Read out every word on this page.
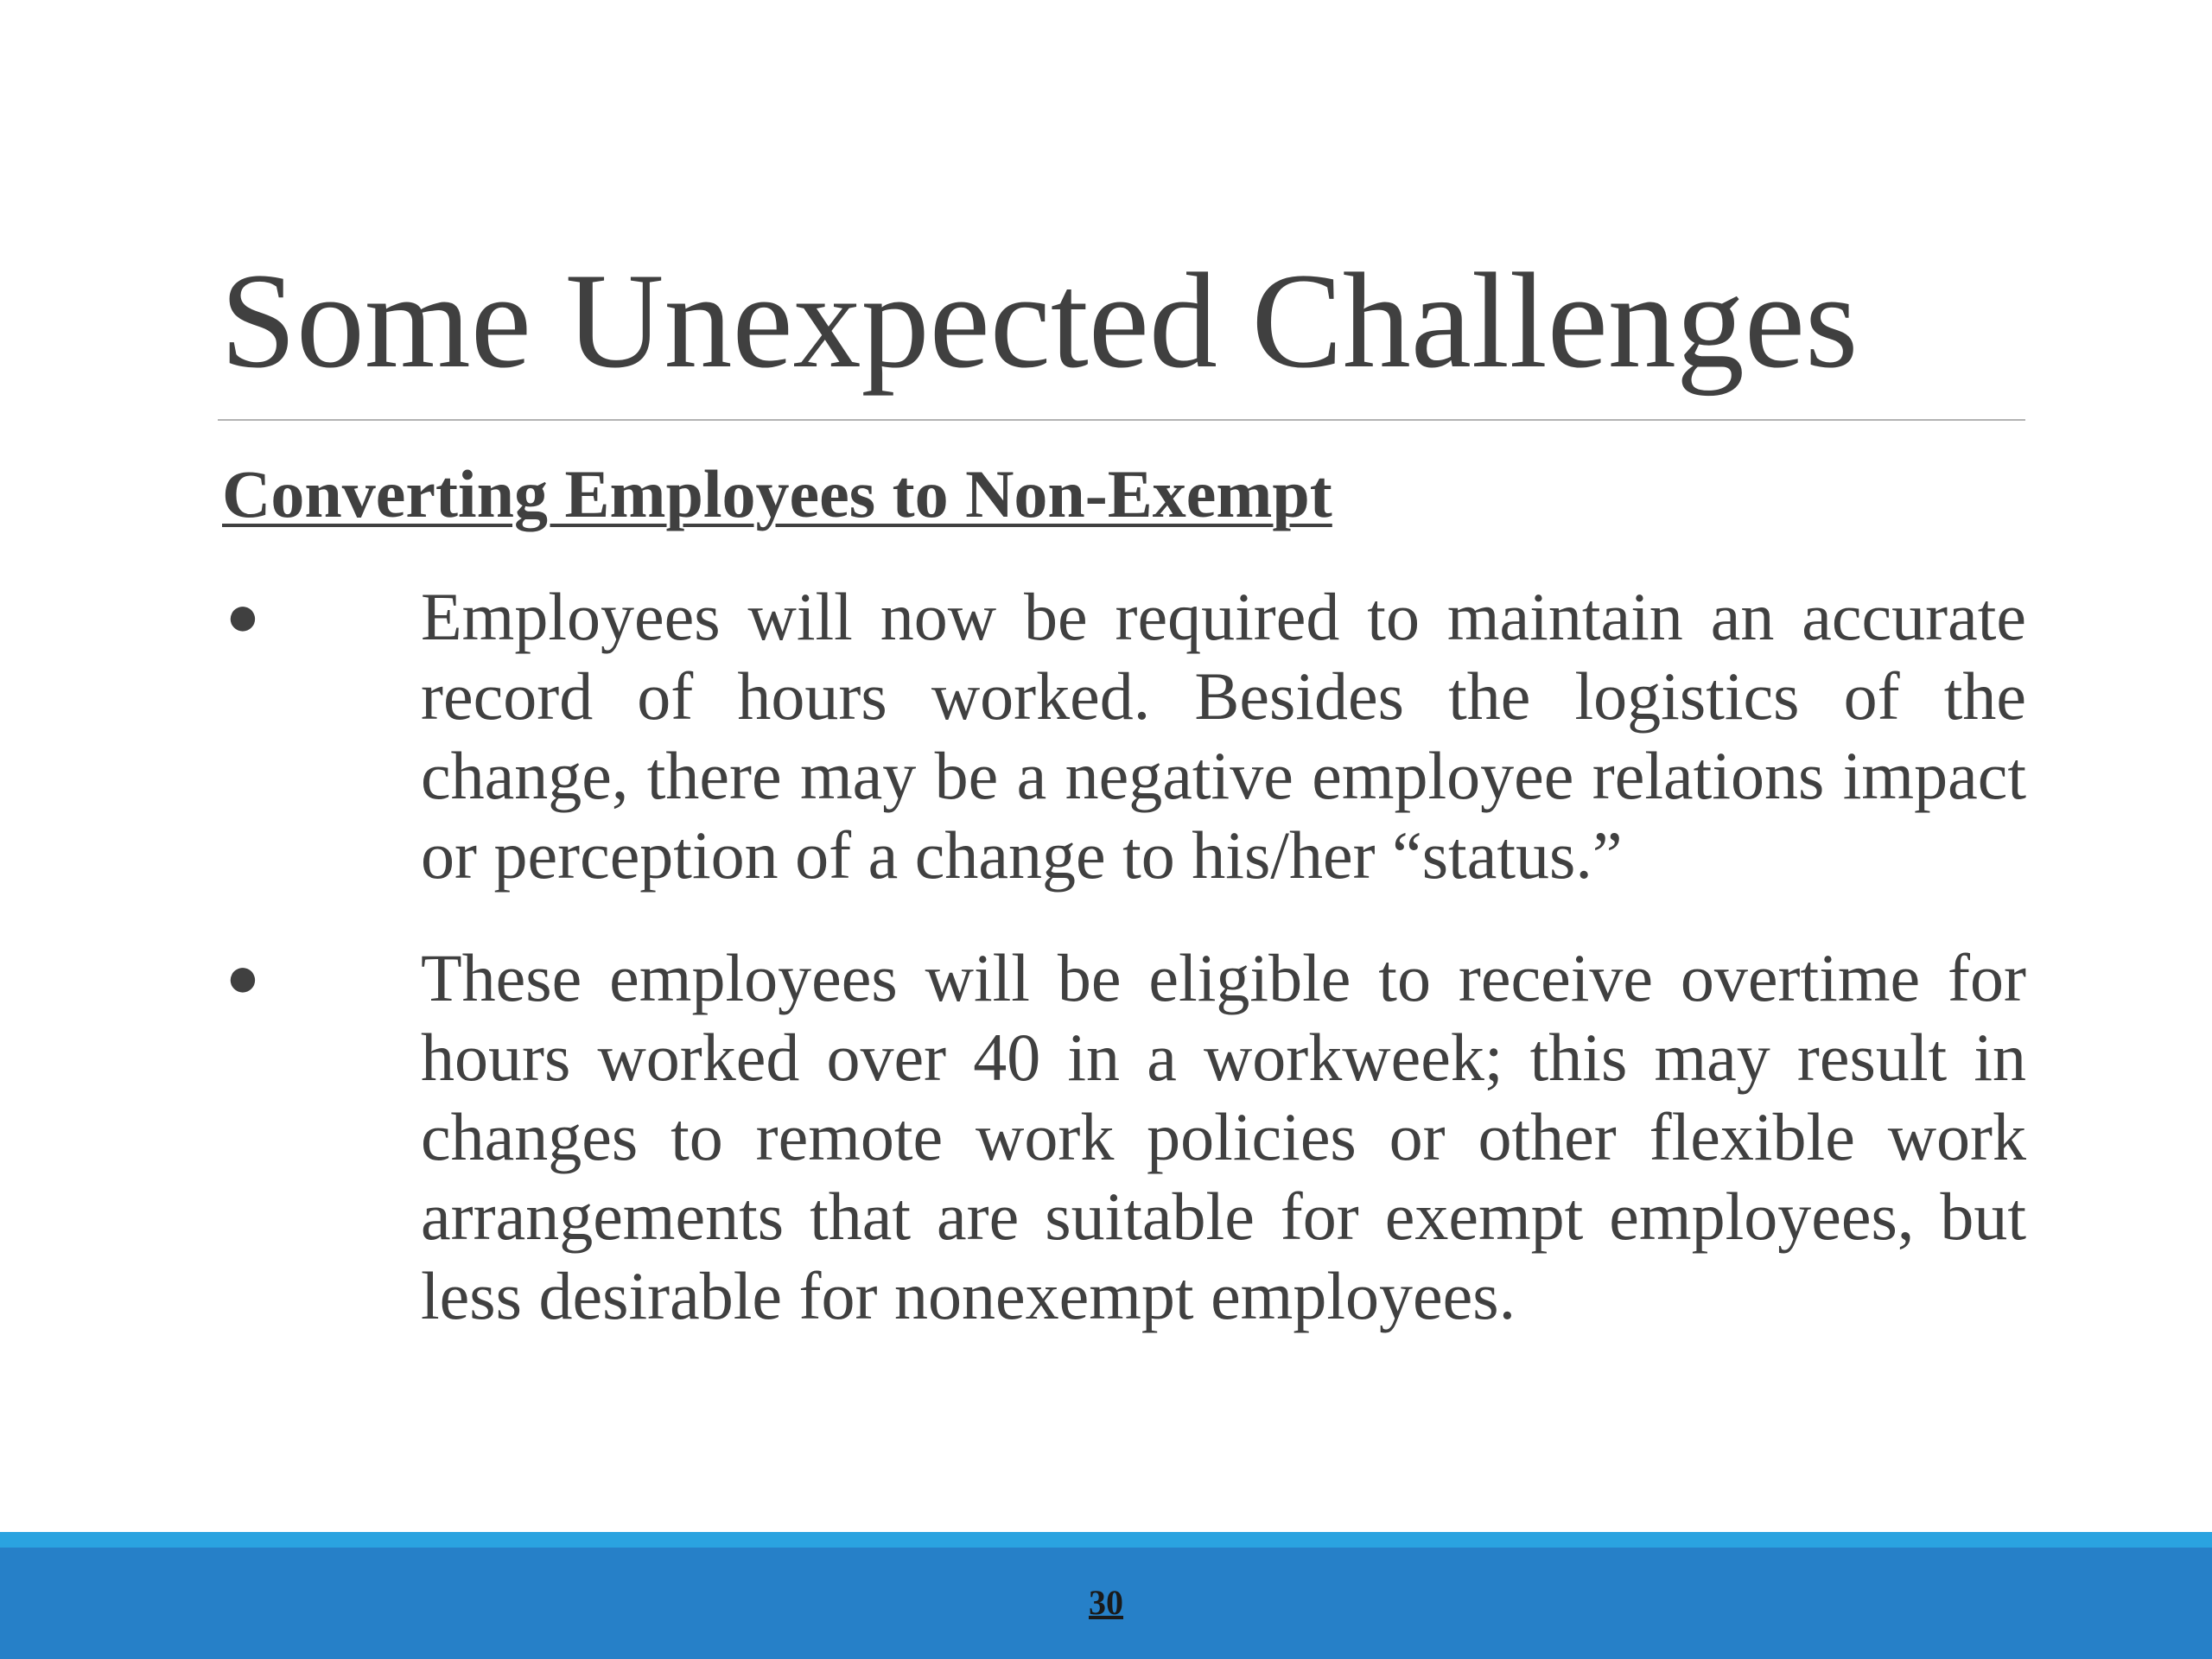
Some Unexpected Challenges
Converting Employees to Non-Exempt
● Employees will now be required to maintain an accurate record of hours worked. Besides the logistics of the change, there may be a negative employee relations impact or perception of a change to his/her “status.”
● These employees will be eligible to receive overtime for hours worked over 40 in a workweek; this may result in changes to remote work policies or other flexible work arrangements that are suitable for exempt employees, but less desirable for nonexempt employees.
30
